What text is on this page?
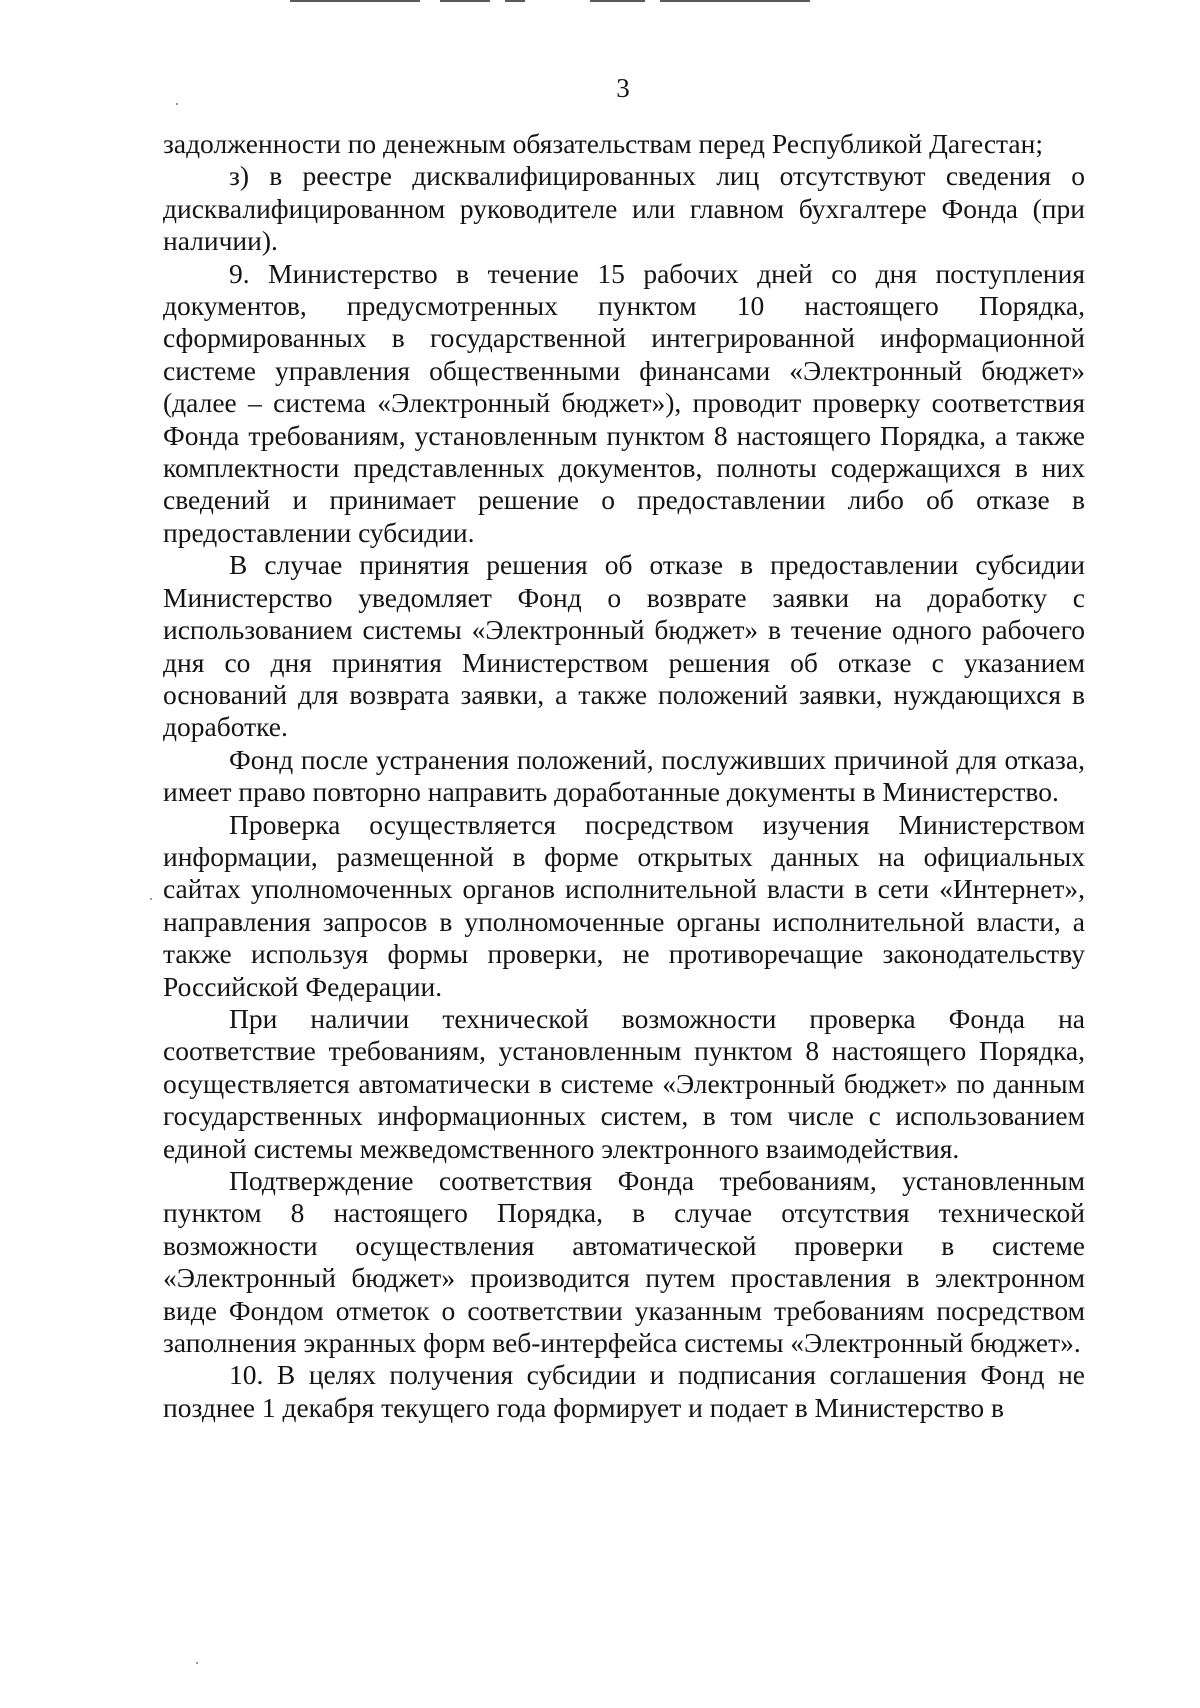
3

задолженности по денежным обязательствам перед Республикой Дагестан;

з) в реестре дисквалифицированных лиц отсутствуют сведения о дисквалифицированном руководителе или главном бухгалтере Фонда (при наличии).

9. Министерство в течение 15 рабочих дней со дня поступления документов, предусмотренных пунктом 10 настоящего Порядка, сформированных в государственной интегрированной информационной системе управления общественными финансами «Электронный бюджет» (далее – система «Электронный бюджет»), проводит проверку соответствия Фонда требованиям, установленным пунктом 8 настоящего Порядка, а также комплектности представленных документов, полноты содержащихся в них сведений и принимает решение о предоставлении либо об отказе в предоставлении субсидии.

В случае принятия решения об отказе в предоставлении субсидии Министерство уведомляет Фонд о возврате заявки на доработку с использованием системы «Электронный бюджет» в течение одного рабочего дня со дня принятия Министерством решения об отказе с указанием оснований для возврата заявки, а также положений заявки, нуждающихся в доработке.

Фонд после устранения положений, послуживших причиной для отказа, имеет право повторно направить доработанные документы в Министерство.

Проверка осуществляется посредством изучения Министерством информации, размещенной в форме открытых данных на официальных сайтах уполномоченных органов исполнительной власти в сети «Интернет», направления запросов в уполномоченные органы исполнительной власти, а также используя формы проверки, не противоречащие законодательству Российской Федерации.

При наличии технической возможности проверка Фонда на соответствие требованиям, установленным пунктом 8 настоящего Порядка, осуществляется автоматически в системе «Электронный бюджет» по данным государственных информационных систем, в том числе с использованием единой системы межведомственного электронного взаимодействия.

Подтверждение соответствия Фонда требованиям, установленным пунктом 8 настоящего Порядка, в случае отсутствия технической возможности осуществления автоматической проверки в системе «Электронный бюджет» производится путем проставления в электронном виде Фондом отметок о соответствии указанным требованиям посредством заполнения экранных форм веб-интерфейса системы «Электронный бюджет».

10. В целях получения субсидии и подписания соглашения Фонд не позднее 1 декабря текущего года формирует и подает в Министерство в
